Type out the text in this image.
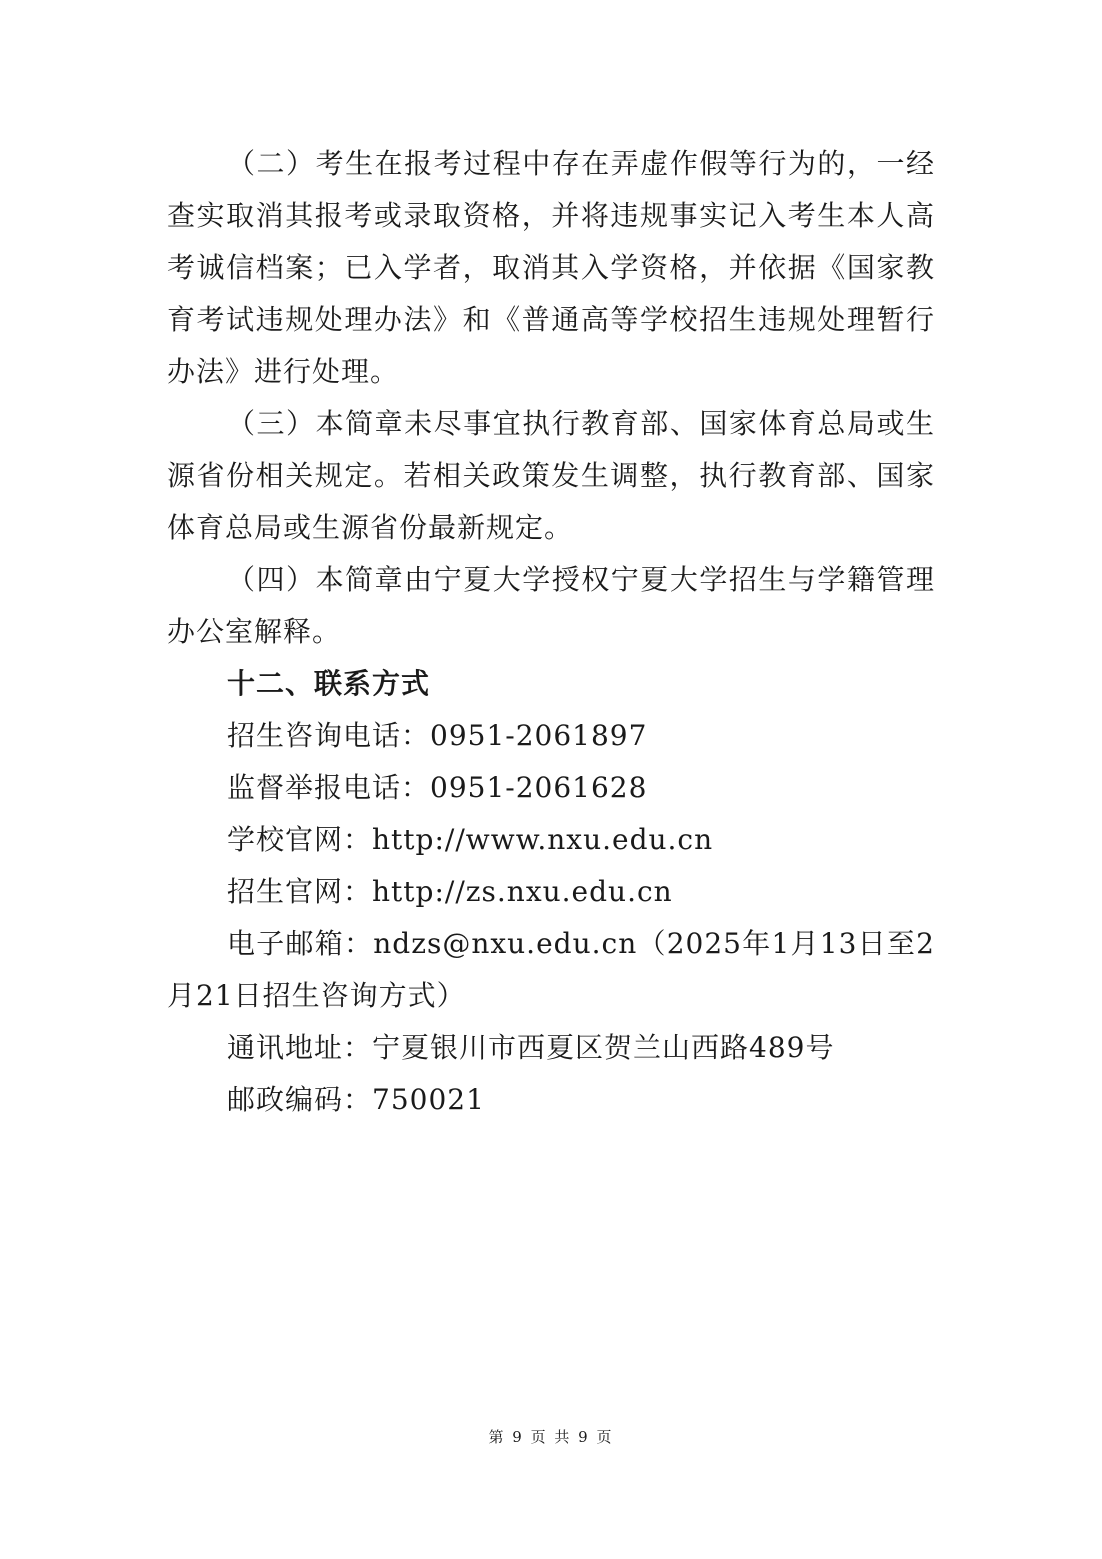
（二）考生在报考过程中存在弄虚作假等行为的，一经查实取消其报考或录取资格，并将违规事实记入考生本人高考诚信档案；已入学者，取消其入学资格，并依据《国家教育考试违规处理办法》和《普通高等学校招生违规处理暂行办法》进行处理。

（三）本简章未尽事宜执行教育部、国家体育总局或生源省份相关规定。若相关政策发生调整，执行教育部、国家体育总局或生源省份最新规定。

（四）本简章由宁夏大学授权宁夏大学招生与学籍管理办公室解释。

十二、联系方式

招生咨询电话：0951-2061897

监督举报电话：0951-2061628

学校官网：http://www.nxu.edu.cn

招生官网：http://zs.nxu.edu.cn

电子邮箱：ndzs@nxu.edu.cn（2025年1月13日至2月21日招生咨询方式）

通讯地址：宁夏银川市西夏区贺兰山西路489号

邮政编码：750021

第 9 页 共 9 页
